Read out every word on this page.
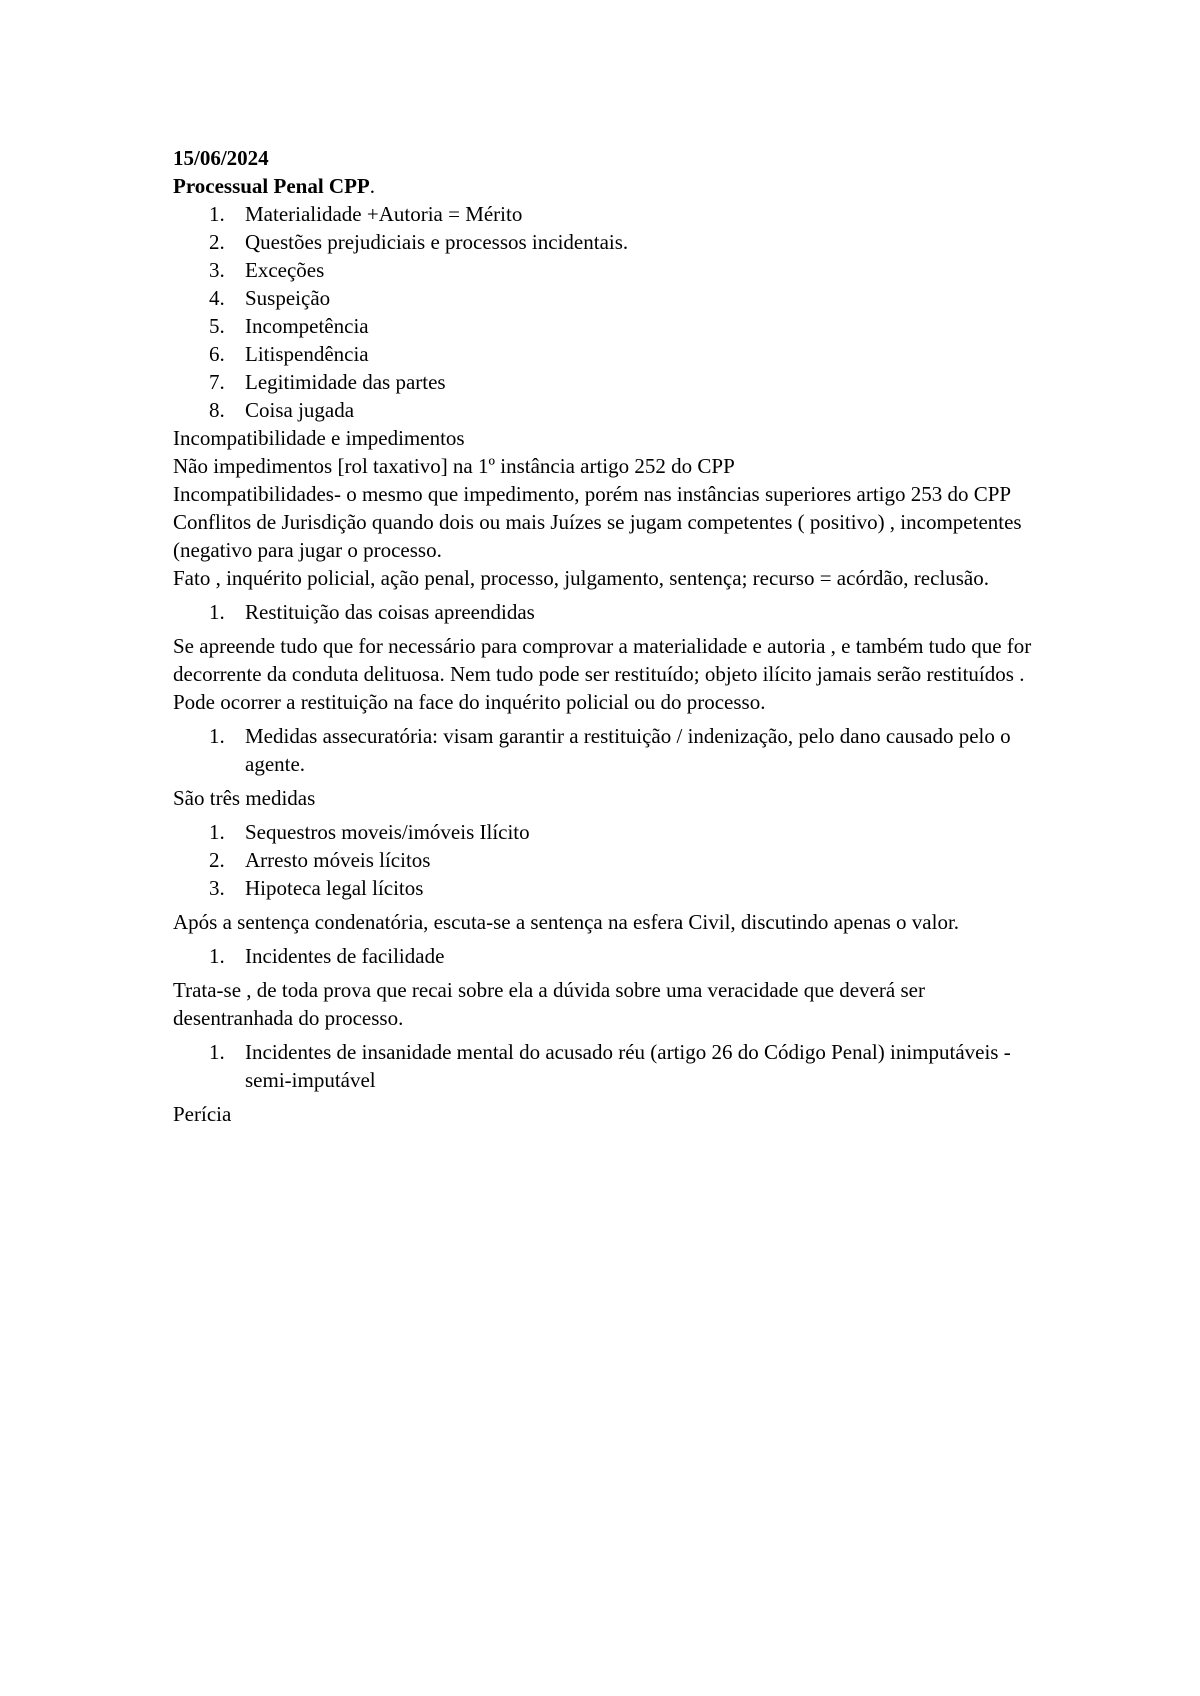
15/06/2024
Processual Penal CPP.
1. Materialidade +Autoria = Mérito
2. Questões prejudiciais e processos incidentais.
3. Exceções
4. Suspeição
5. Incompetência
6. Litispendência
7. Legitimidade das partes
8. Coisa jugada
Incompatibilidade e impedimentos
Não impedimentos [rol taxativo] na 1º instância artigo 252 do CPP
Incompatibilidades- o mesmo que impedimento, porém nas instâncias superiores artigo 253 do CPP
Conflitos de Jurisdição quando dois ou mais Juízes se jugam competentes ( positivo) , incompetentes (negativo para jugar o processo.
Fato , inquérito policial, ação penal, processo, julgamento, sentença; recurso = acórdão, reclusão.
1. Restituição das coisas apreendidas
Se apreende tudo que for necessário para comprovar a materialidade e autoria , e também tudo que for decorrente da conduta delituosa. Nem tudo pode ser restituído; objeto ilícito jamais serão restituídos . Pode ocorrer a restituição na face do inquérito policial ou do processo.
1. Medidas assecuratória: visam garantir a restituição / indenização, pelo dano causado pelo o agente.
São três medidas
1. Sequestros moveis/imóveis Ilícito
2. Arresto móveis lícitos
3. Hipoteca legal lícitos
Após a sentença condenatória, escuta-se a sentença na esfera Civil, discutindo apenas o valor.
1. Incidentes de facilidade
Trata-se , de toda prova que recai sobre ela a dúvida sobre uma veracidade que deverá ser desentranhada do processo.
1. Incidentes de insanidade mental do acusado réu (artigo 26 do Código Penal) inimputáveis -semi-imputável
Perícia
